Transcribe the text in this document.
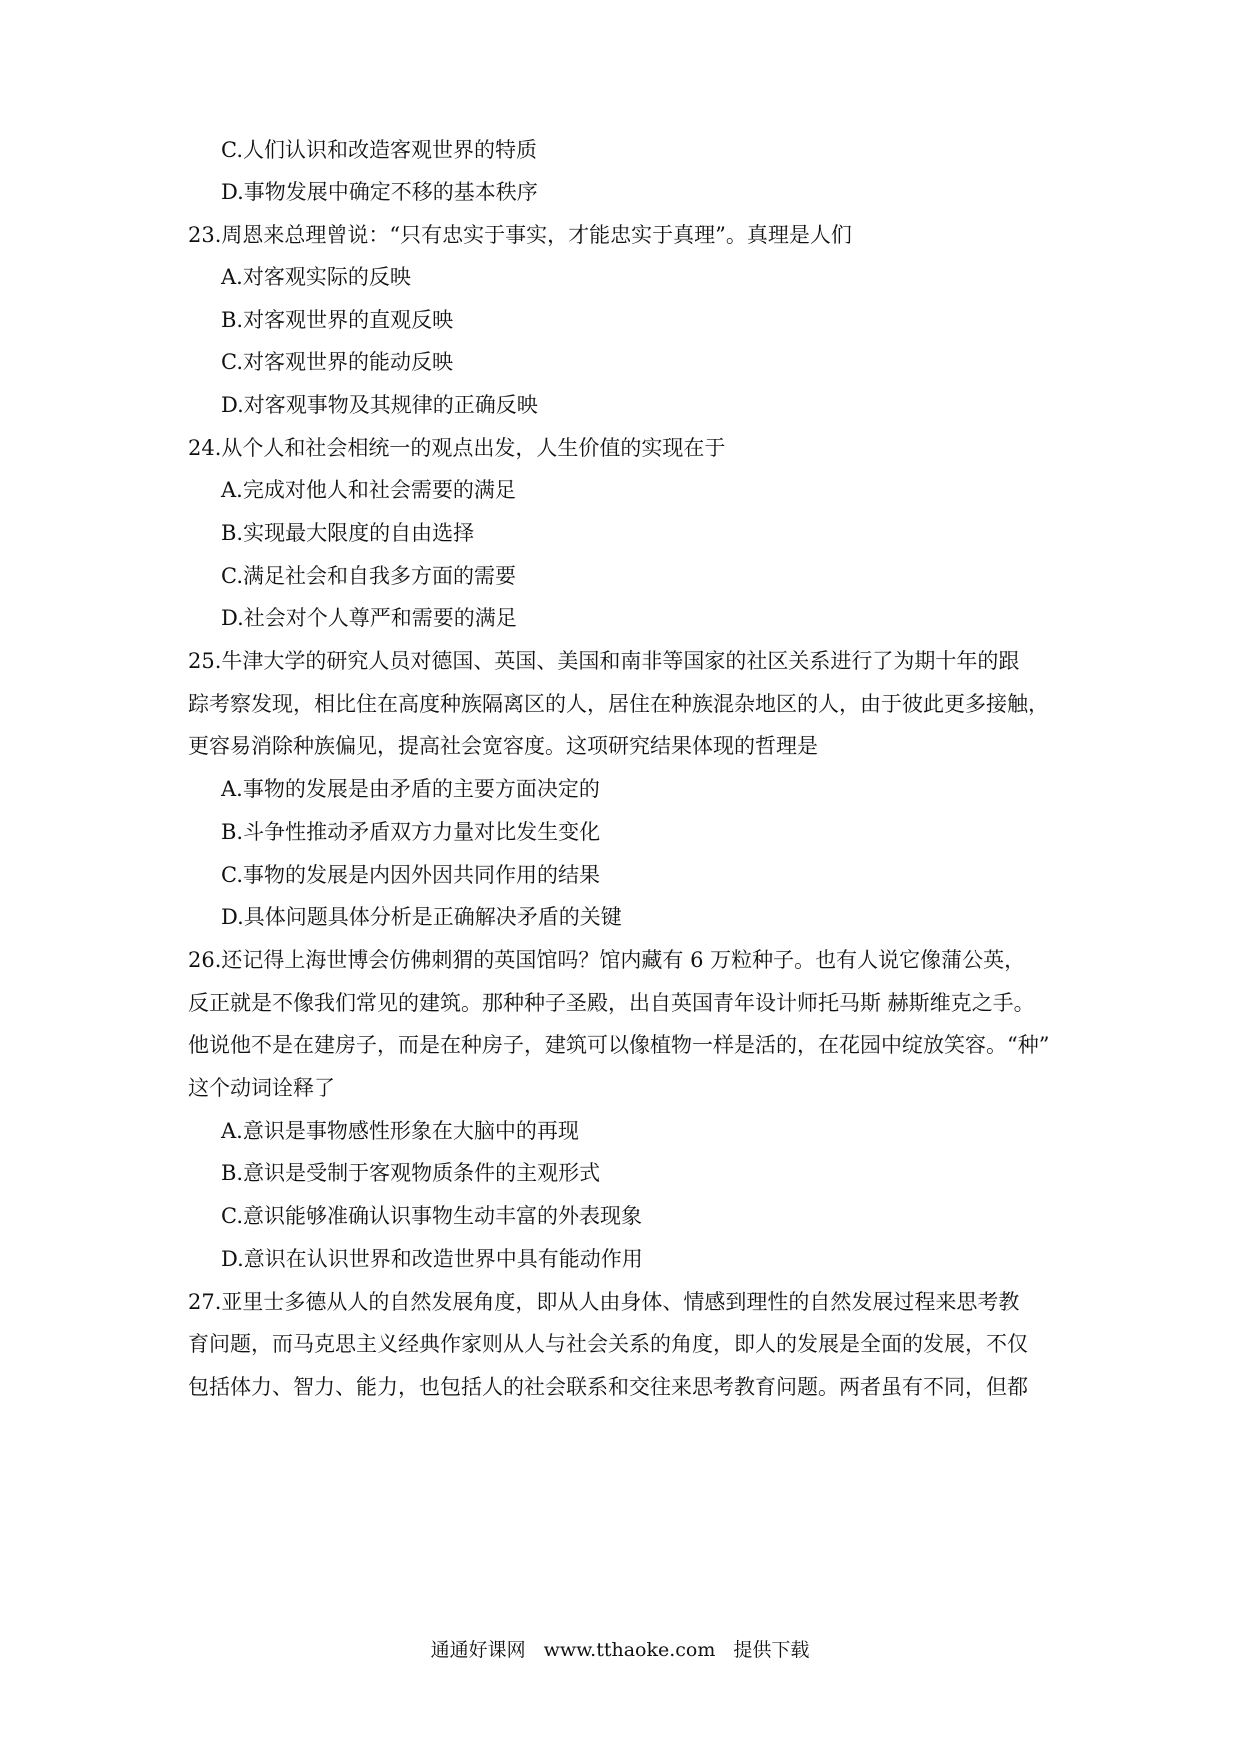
C.人们认识和改造客观世界的特质
D.事物发展中确定不移的基本秩序
23.周恩来总理曾说：“只有忠实于事实，才能忠实于真理”。真理是人们
A.对客观实际的反映
B.对客观世界的直观反映
C.对客观世界的能动反映
D.对客观事物及其规律的正确反映
24.从个人和社会相统一的观点出发，人生价值的实现在于
A.完成对他人和社会需要的满足
B.实现最大限度的自由选择
C.满足社会和自我多方面的需要
D.社会对个人尊严和需要的满足
25.牛津大学的研究人员对德国、英国、美国和南非等国家的社区关系进行了为期十年的跟
踪考察发现，相比住在高度种族隔离区的人，居住在种族混杂地区的人，由于彼此更多接触，
更容易消除种族偏见，提高社会宽容度。这项研究结果体现的哲理是
A.事物的发展是由矛盾的主要方面决定的
B.斗争性推动矛盾双方力量对比发生变化
C.事物的发展是内因外因共同作用的结果
D.具体问题具体分析是正确解决矛盾的关键
26.还记得上海世博会仿佛刺猬的英国馆吗？馆内藏有 6 万粒种子。也有人说它像蒲公英，
反正就是不像我们常见的建筑。那种种子圣殿，出自英国青年设计师托马斯 赫斯维克之手。
他说他不是在建房子，而是在种房子，建筑可以像植物一样是活的，在花园中绽放笑容。“种”
这个动词诠释了
A.意识是事物感性形象在大脑中的再现
B.意识是受制于客观物质条件的主观形式
C.意识能够准确认识事物生动丰富的外表现象
D.意识在认识世界和改造世界中具有能动作用
27.亚里士多德从人的自然发展角度，即从人由身体、情感到理性的自然发展过程来思考教
育问题，而马克思主义经典作家则从人与社会关系的角度，即人的发展是全面的发展，不仅
包括体力、智力、能力，也包括人的社会联系和交往来思考教育问题。两者虽有不同，但都
通通好课网 www.tthaoke.com 提供下载
